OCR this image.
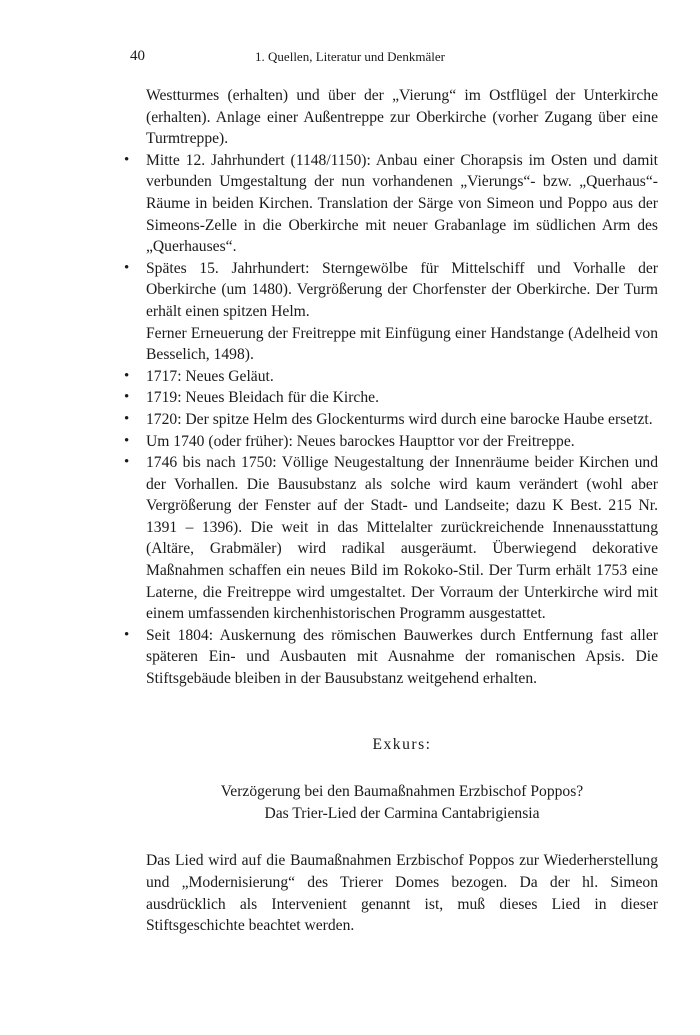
40	1. Quellen, Literatur und Denkmäler

Westturmes (erhalten) und über der „Vierung“ im Ostflügel der Unterkirche (erhalten). Anlage einer Außentreppe zur Oberkirche (vorher Zugang über eine Turmtreppe).

• Mitte 12. Jahrhundert (1148/1150): Anbau einer Chorapsis im Osten und damit verbunden Umgestaltung der nun vorhandenen „Vierungs“- bzw. „Querhaus“-Räume in beiden Kirchen. Translation der Särge von Simeon und Poppo aus der Simeons-Zelle in die Oberkirche mit neuer Grabanlage im südlichen Arm des „Querhauses“.
• Spätes 15. Jahrhundert: Sterngewölbe für Mittelschiff und Vorhalle der Oberkirche (um 1480). Vergrößerung der Chorfenster der Oberkirche. Der Turm erhält einen spitzen Helm.

Ferner Erneuerung der Freitreppe mit Einfügung einer Handstange (Adelheid von Besselich, 1498).

• 1717: Neues Geläut.
• 1719: Neues Bleidach für die Kirche.
• 1720: Der spitze Helm des Glockenturms wird durch eine barocke Haube ersetzt.
• Um 1740 (oder früher): Neues barockes Haupttor vor der Freitreppe.
• 1746 bis nach 1750: Völlige Neugestaltung der Innenräume beider Kirchen und der Vorhallen. Die Bausubstanz als solche wird kaum verändert (wohl aber Vergrößerung der Fenster auf der Stadt- und Landseite; dazu K Best. 215 Nr. 1391 – 1396). Die weit in das Mittelalter zurückreichende Innenausstattung (Altäre, Grabmäler) wird radikal ausgeräumt. Überwiegend dekorative Maßnahmen schaffen ein neues Bild im Rokoko-Stil. Der Turm erhält 1753 eine Laterne, die Freitreppe wird umgestaltet. Der Vorraum der Unterkirche wird mit einem umfassenden kirchenhistorischen Programm ausgestattet.
• Seit 1804: Auskernung des römischen Bauwerkes durch Entfernung fast aller späteren Ein- und Ausbauten mit Ausnahme der romanischen Apsis. Die Stiftsgebäude bleiben in der Bausubstanz weitgehend erhalten.
Exkurs:
Verzögerung bei den Baumaßnahmen Erzbischof Poppos?
Das Trier-Lied der Carmina Cantabrigiensia

Das Lied wird auf die Baumaßnahmen Erzbischof Poppos zur Wiederherstellung und „Modernisierung“ des Trierer Domes bezogen. Da der hl. Simeon ausdrücklich als Intervenient genannt ist, muß dieses Lied in dieser Stiftsgeschichte beachtet werden.
